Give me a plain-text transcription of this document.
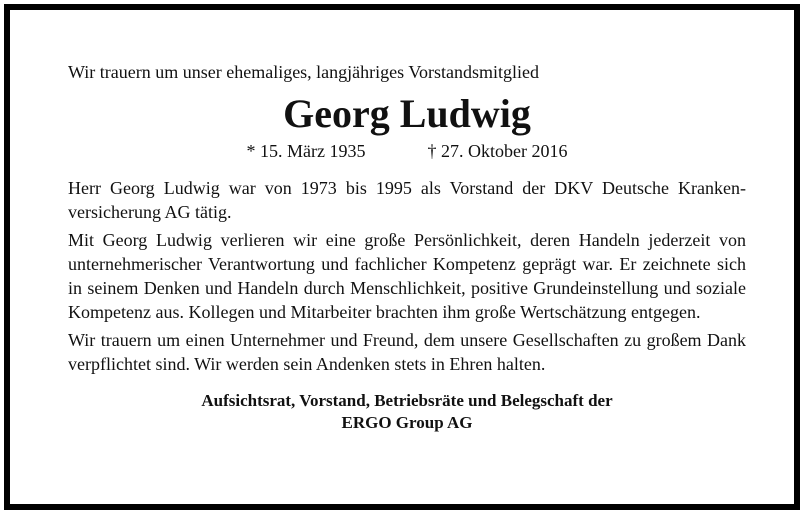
Wir trauern um unser ehemaliges, langjähriges Vorstandsmitglied

Georg Ludwig
* 15. März 1935	† 27. Oktober 2016

Herr Georg Ludwig war von 1973 bis 1995 als Vorstand der DKV Deutsche Krankenversicherung AG tätig.

Mit Georg Ludwig verlieren wir eine große Persönlichkeit, deren Handeln jederzeit von unternehmerischer Verantwortung und fachlicher Kompetenz geprägt war. Er zeichnete sich in seinem Denken und Handeln durch Menschlichkeit, positive Grundeinstellung und soziale Kompetenz aus. Kollegen und Mitarbeiter brachten ihm große Wertschätzung entgegen.

Wir trauern um einen Unternehmer und Freund, dem unsere Gesellschaften zu großem Dank verpflichtet sind. Wir werden sein Andenken stets in Ehren halten.

Aufsichtsrat, Vorstand, Betriebsräte und Belegschaft der
ERGO Group AG
